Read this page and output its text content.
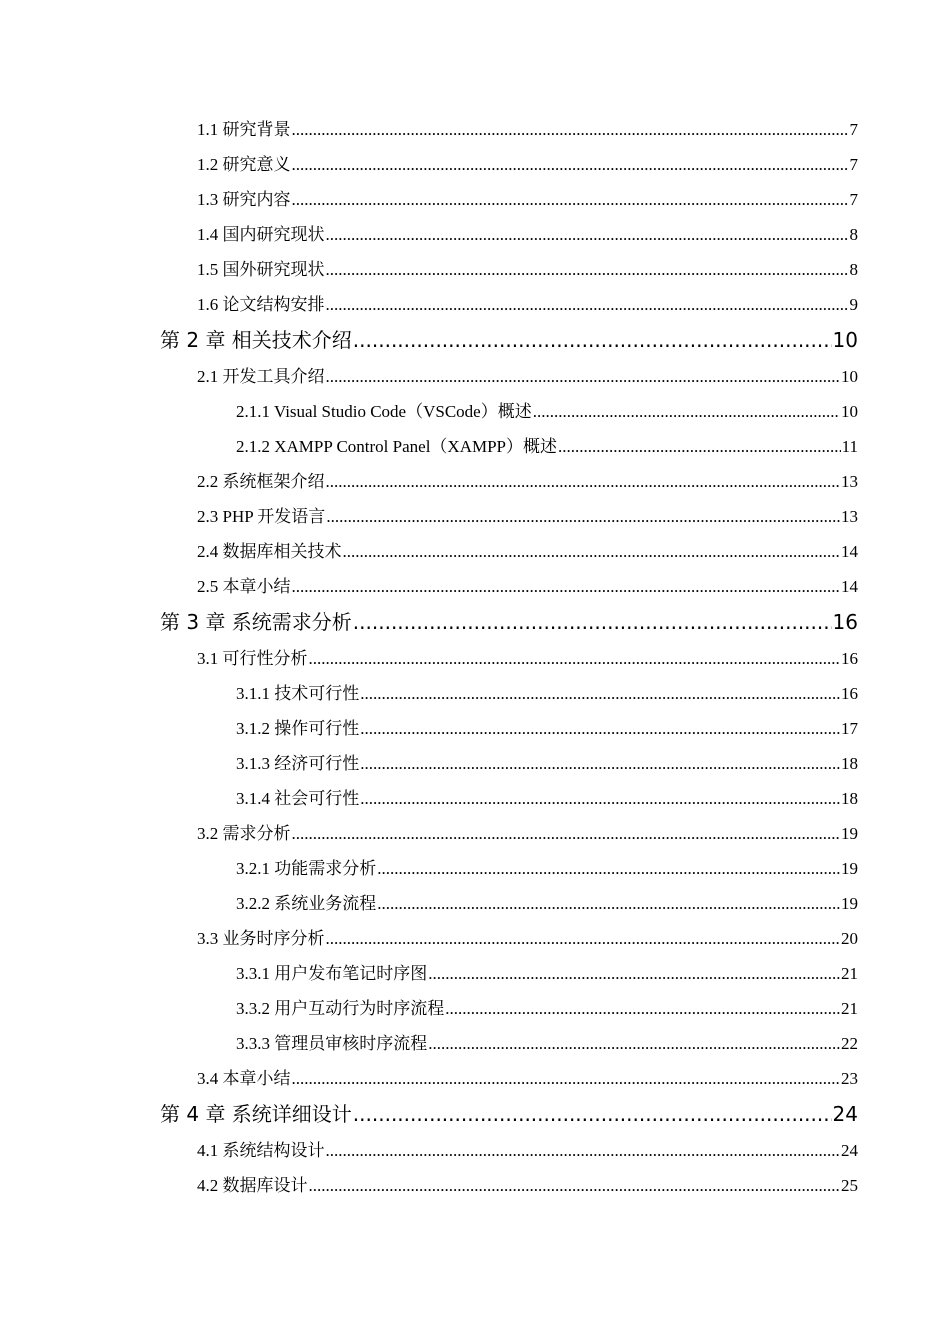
1.1 研究背景 .....	7
1.2 研究意义 .....	7
1.3 研究内容 .....	7
1.4 国内研究现状 .....	8
1.5 国外研究现状 .....	8
1.6 论文结构安排 .....	9
第 2 章 相关技术介绍 .....	10
2.1 开发工具介绍 .....	10
2.1.1 Visual Studio Code（VSCode）概述 .....	10
2.1.2 XAMPP Control Panel（XAMPP）概述 .....	11
2.2 系统框架介绍 .....	13
2.3 PHP 开发语言 .....	13
2.4 数据库相关技术 .....	14
2.5 本章小结 .....	14
第 3 章 系统需求分析 .....	16
3.1 可行性分析 .....	16
3.1.1 技术可行性 .....	16
3.1.2 操作可行性 .....	17
3.1.3 经济可行性 .....	18
3.1.4 社会可行性 .....	18
3.2 需求分析 .....	19
3.2.1 功能需求分析 .....	19
3.2.2 系统业务流程 .....	19
3.3 业务时序分析 .....	20
3.3.1 用户发布笔记时序图 .....	21
3.3.2 用户互动行为时序流程 .....	21
3.3.3 管理员审核时序流程 .....	22
3.4 本章小结 .....	23
第 4 章 系统详细设计 .....	24
4.1 系统结构设计 .....	24
4.2 数据库设计 .....	25
